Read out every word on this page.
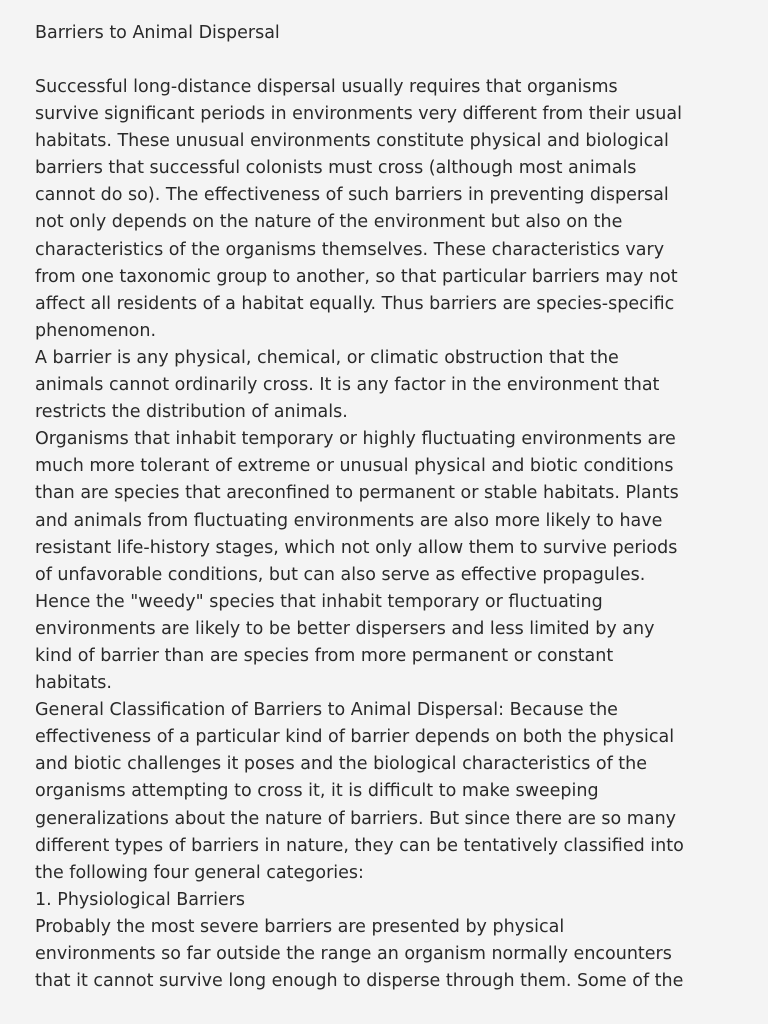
Barriers to Animal Dispersal

Successful long-distance dispersal usually requires that organisms
survive significant periods in environments very different from their usual
habitats. These unusual environments constitute physical and biological
barriers that successful colonists must cross (although most animals
cannot do so). The effectiveness of such barriers in preventing dispersal
not only depends on the nature of the environment but also on the
characteristics of the organisms themselves. These characteristics vary
from one taxonomic group to another, so that particular barriers may not
affect all residents of a habitat equally. Thus barriers are species-specific
phenomenon.

A barrier is any physical, chemical, or climatic obstruction that the
animals cannot ordinarily cross. It is any factor in the environment that
restricts the distribution of animals.

Organisms that inhabit temporary or highly fluctuating environments are
much more tolerant of extreme or unusual physical and biotic conditions
than are species that areconfined to permanent or stable habitats. Plants
and animals from fluctuating environments are also more likely to have
resistant life-history stages, which not only allow them to survive periods
of unfavorable conditions, but can also serve as effective propagules.
Hence the "weedy" species that inhabit temporary or fluctuating
environments are likely to be better dispersers and less limited by any
kind of barrier than are species from more permanent or constant
habitats.

General Classification of Barriers to Animal Dispersal: Because the
effectiveness of a particular kind of barrier depends on both the physical
and biotic challenges it poses and the biological characteristics of the
organisms attempting to cross it, it is difficult to make sweeping
generalizations about the nature of barriers. But since there are so many
different types of barriers in nature, they can be tentatively classified into
the following four general categories:

1. Physiological Barriers

Probably the most severe barriers are presented by physical
environments so far outside the range an organism normally encounters
that it cannot survive long enough to disperse through them. Some of the
